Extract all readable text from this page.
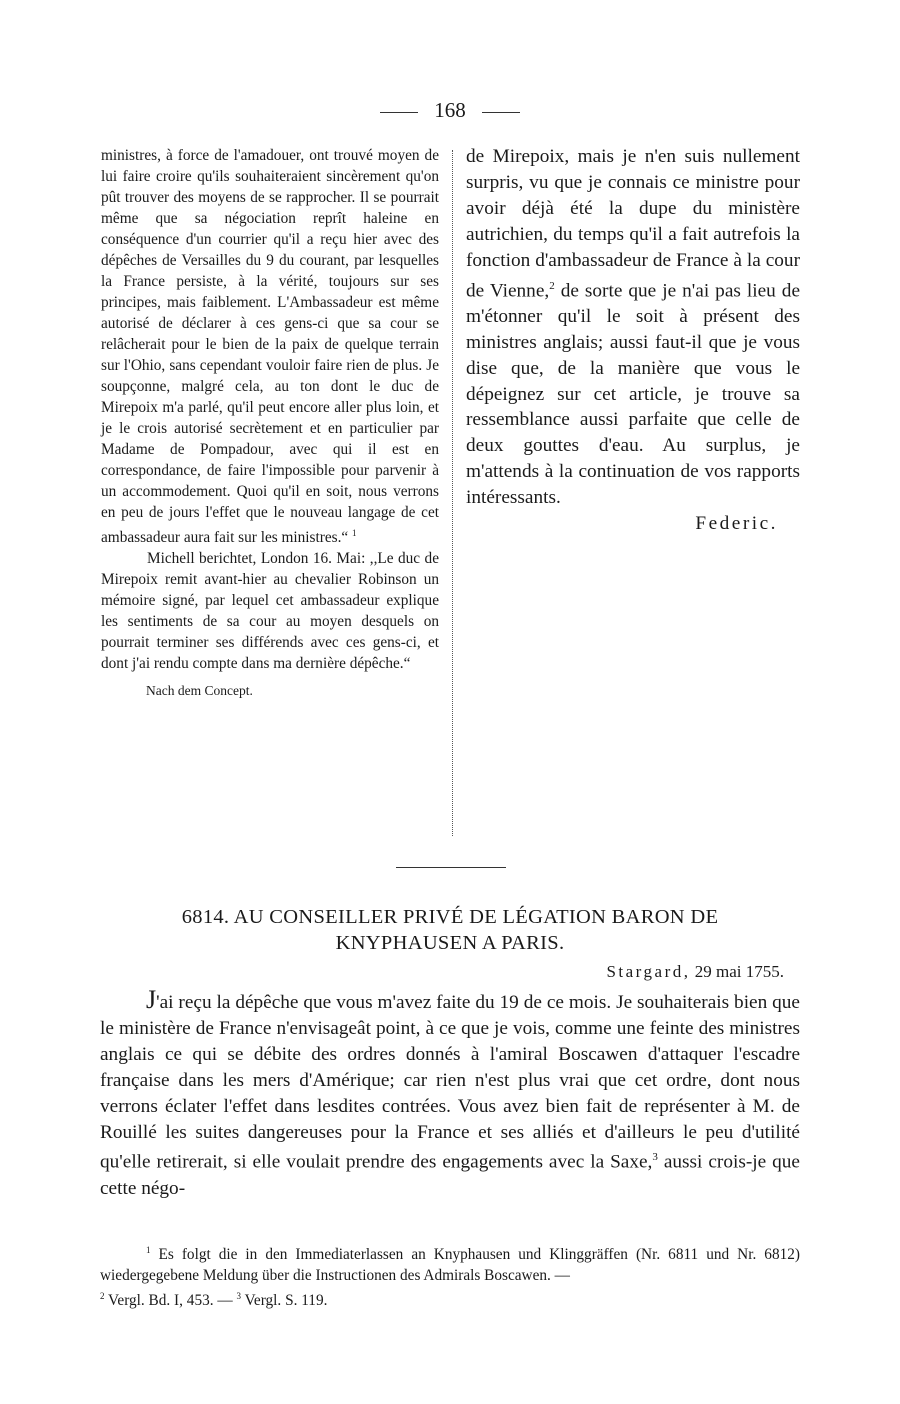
168

ministres, à force de l'amadouer, ont trouvé moyen de lui faire croire qu'ils souhaiteraient sincèrement qu'on pût trouver des moyens de se rapprocher. Il se pourrait même que sa négociation reprît haleine en conséquence d'un courrier qu'il a reçu hier avec des dépêches de Versailles du 9 du courant, par lesquelles la France persiste, à la vérité, toujours sur ses principes, mais faiblement. L'Ambassadeur est même autorisé de déclarer à ces gens-ci que sa cour se relâcherait pour le bien de la paix de quelque terrain sur l'Ohio, sans cependant vouloir faire rien de plus. Je soupçonne, malgré cela, au ton dont le duc de Mirepoix m'a parlé, qu'il peut encore aller plus loin, et je le crois autorisé secrètement et en particulier par Madame de Pompadour, avec qui il est en correspondance, de faire l'impossible pour parvenir à un accommodement. Quoi qu'il en soit, nous verrons en peu de jours l'effet que le nouveau langage de cet ambassadeur aura fait sur les ministres.“ $^1$

Michell berichtet, London 16. Mai: ,,Le duc de Mirepoix remit avant-hier au chevalier Robinson un mémoire signé, par lequel cet ambassadeur explique les sentiments de sa cour au moyen desquels on pourrait terminer ses différends avec ces gens-ci, et dont j'ai rendu compte dans ma dernière dépêche.“

Nach dem Concept.

de Mirepoix, mais je n'en suis nullement surpris, vu que je connais ce ministre pour avoir déjà été la dupe du ministère autrichien, du temps qu'il a fait autrefois la fonction d'ambassadeur de France à la cour de Vienne,$^2$ de sorte que je n'ai pas lieu de m'étonner qu'il le soit à présent des ministres anglais; aussi faut-il que je vous dise que, de la manière que vous le dépeignez sur cet article, je trouve sa ressemblance aussi parfaite que celle de deux gouttes d'eau. Au surplus, je m'attends à la continuation de vos rapports intéressants.

Federic.

6814. AU CONSEILLER PRIVÉ DE LÉGATION BARON DE
KNYPHAUSEN A PARIS.
Stargard, 29 mai 1755.

J'ai reçu la dépêche que vous m'avez faite du 19 de ce mois. Je souhaiterais bien que le ministère de France n'envisageât point, à ce que je vois, comme une feinte des ministres anglais ce qui se débite des ordres donnés à l'amiral Boscawen d'attaquer l'escadre française dans les mers d'Amérique; car rien n'est plus vrai que cet ordre, dont nous verrons éclater l'effet dans lesdites contrées. Vous avez bien fait de représenter à M. de Rouillé les suites dangereuses pour la France et ses alliés et d'ailleurs le peu d'utilité qu'elle retirerait, si elle voulait prendre des engagements avec la Saxe,$^3$ aussi crois-je que cette négo-

$^1$ Es folgt die in den Immediaterlassen an Knyphausen und Klinggräffen (Nr. 6811 und Nr. 6812) wiedergegebene Meldung über die Instructionen des Admirals Boscawen. —

$^2$ Vergl. Bd. I, 453. — $^3$ Vergl. S. 119.
